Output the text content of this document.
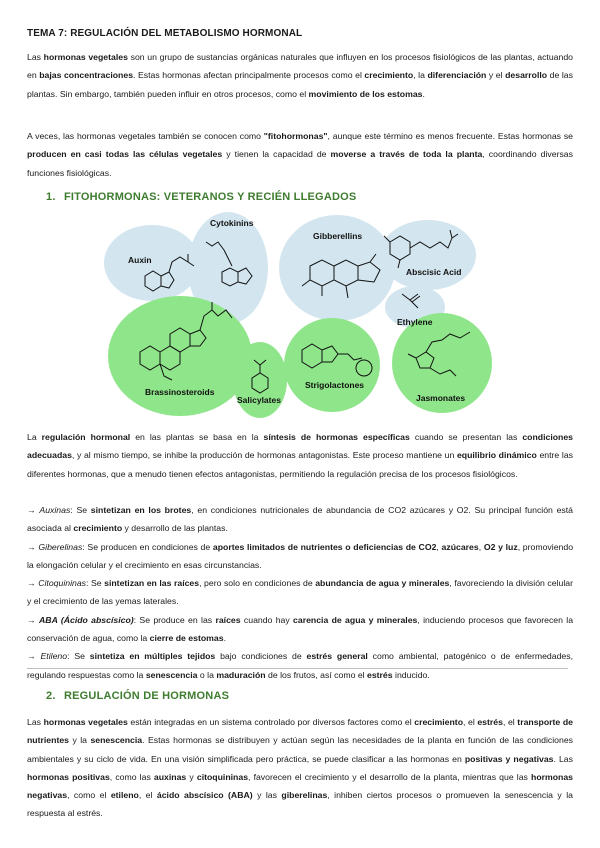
TEMA 7: REGULACIÓN DEL METABOLISMO HORMONAL

Las hormonas vegetales son un grupo de sustancias orgánicas naturales que influyen en los procesos fisiológicos de las plantas, actuando en bajas concentraciones. Estas hormonas afectan principalmente procesos como el crecimiento, la diferenciación y el desarrollo de las plantas. Sin embargo, también pueden influir en otros procesos, como el movimiento de los estomas.

A veces, las hormonas vegetales también se conocen como "fitohormonas", aunque este término es menos frecuente. Estas hormonas se producen en casi todas las células vegetales y tienen la capacidad de moverse a través de toda la planta, coordinando diversas funciones fisiológicas.

1. FITOHORMONAS: VETERANOS Y RECIÉN LLEGADOS
Auxin
Cytokinins
Gibberellins
Abscisic Acid
Ethylene
Brassinosteroids
Salicylates
Strigolactones
Jasmonates

La regulación hormonal en las plantas se basa en la síntesis de hormonas específicas cuando se presentan las condiciones adecuadas, y al mismo tiempo, se inhibe la producción de hormonas antagonistas. Este proceso mantiene un equilibrio dinámico entre las diferentes hormonas, que a menudo tienen efectos antagonistas, permitiendo la regulación precisa de los procesos fisiológicos.

→ Auxinas: Se sintetizan en los brotes, en condiciones nutricionales de abundancia de CO2 azúcares y O2. Su principal función está asociada al crecimiento y desarrollo de las plantas.

→ Giberelinas: Se producen en condiciones de aportes limitados de nutrientes o deficiencias de CO2, azúcares, O2 y luz, promoviendo la elongación celular y el crecimiento en esas circunstancias.

→ Citoquininas: Se sintetizan en las raíces, pero solo en condiciones de abundancia de agua y minerales, favoreciendo la división celular y el crecimiento de las yemas laterales.

→ ABA (Ácido abscísico): Se produce en las raíces cuando hay carencia de agua y minerales, induciendo procesos que favorecen la conservación de agua, como la cierre de estomas.

→ Etileno: Se sintetiza en múltiples tejidos bajo condiciones de estrés general como ambiental, patogénico o de enfermedades, regulando respuestas como la senescencia o la maduración de los frutos, así como el estrés inducido.

2. REGULACIÓN DE HORMONAS

Las hormonas vegetales están integradas en un sistema controlado por diversos factores como el crecimiento, el estrés, el transporte de nutrientes y la senescencia. Estas hormonas se distribuyen y actúan según las necesidades de la planta en función de las condiciones ambientales y su ciclo de vida. En una visión simplificada pero práctica, se puede clasificar a las hormonas en positivas y negativas. Las hormonas positivas, como las auxinas y citoquininas, favorecen el crecimiento y el desarrollo de la planta, mientras que las hormonas negativas, como el etileno, el ácido abscísico (ABA) y las giberelinas, inhiben ciertos procesos o promueven la senescencia y la respuesta al estrés.
